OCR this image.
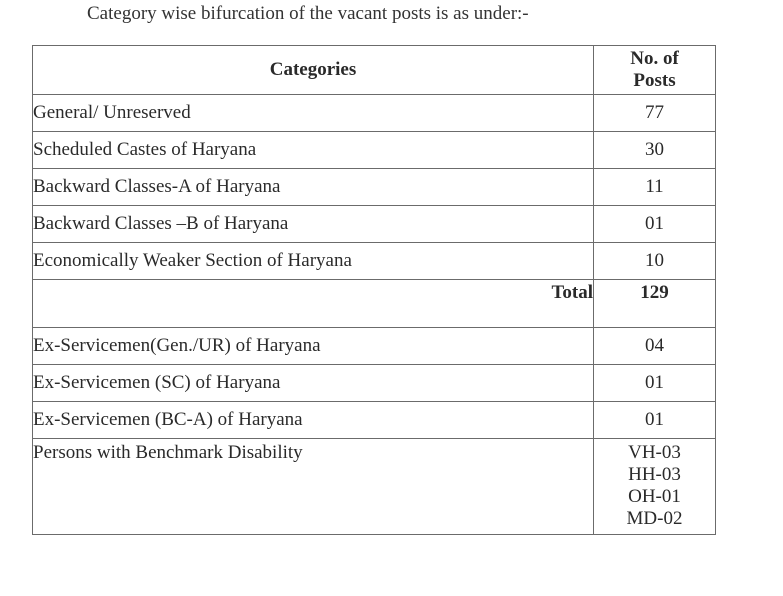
Category wise bifurcation of the vacant posts is as under:-
Categories	No. of
Posts

General/ Unreserved	77
Scheduled Castes of Haryana	30
Backward Classes-A of Haryana	11
Backward Classes –B of Haryana	01
Economically Weaker Section of Haryana	10
Total	129
Ex-Servicemen(Gen./UR) of Haryana	04
Ex-Servicemen (SC) of Haryana	01
Ex-Servicemen (BC-A) of Haryana	01
Persons with Benchmark Disability	VH-03
HH-03
OH-01
MD-02
